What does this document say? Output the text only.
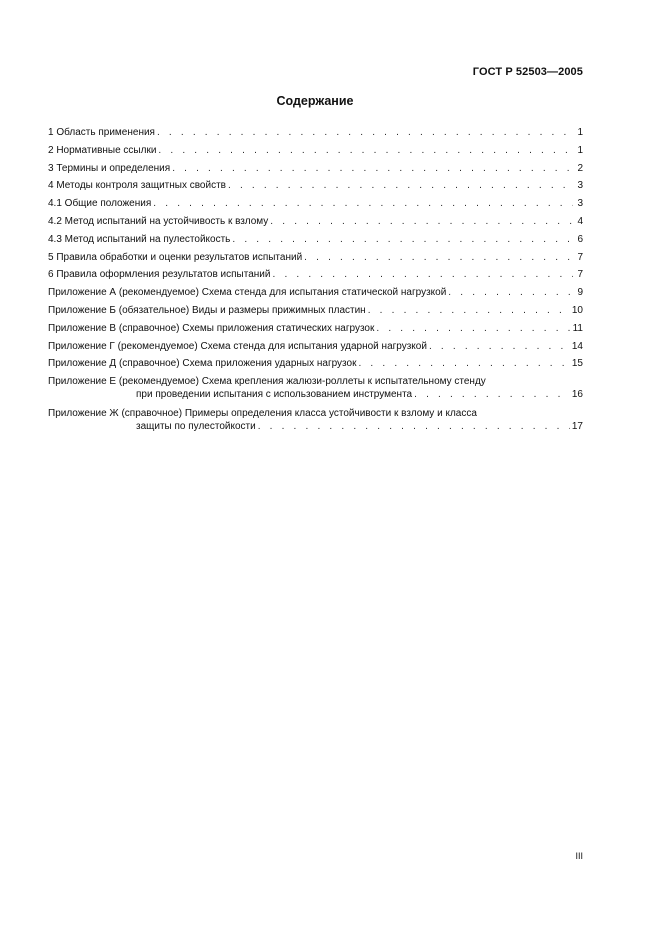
ГОСТ Р 52503—2005
Содержание
1 Область применения . . .	1
2 Нормативные ссылки . . .	1
3 Термины и определения . . .	2
4 Методы контроля защитных свойств . . .	3
4.1 Общие положения . . .	3
4.2 Метод испытаний на устойчивость к взлому . . .	4
4.3 Метод испытаний на пулестойкость . . .	6
5 Правила обработки и оценки результатов испытаний . . .	7
6 Правила оформления результатов испытаний . . .	7
Приложение А (рекомендуемое) Схема стенда для испытания статической нагрузкой . . .	9
Приложение Б (обязательное) Виды и размеры прижимных пластин . . .	10
Приложение В (справочное) Схемы приложения статических нагрузок . . .	11
Приложение Г (рекомендуемое) Схема стенда для испытания ударной нагрузкой . . .	14
Приложение Д (справочное) Схема приложения ударных нагрузок . . .	15
Приложение Е (рекомендуемое) Схема крепления жалюзи-роллеты к испытательному стенду
при проведении испытания с использованием инструмента . . .	16
Приложение Ж (справочное) Примеры определения класса устойчивости к взлому и класса
защиты по пулестойкости . . .	17
III
